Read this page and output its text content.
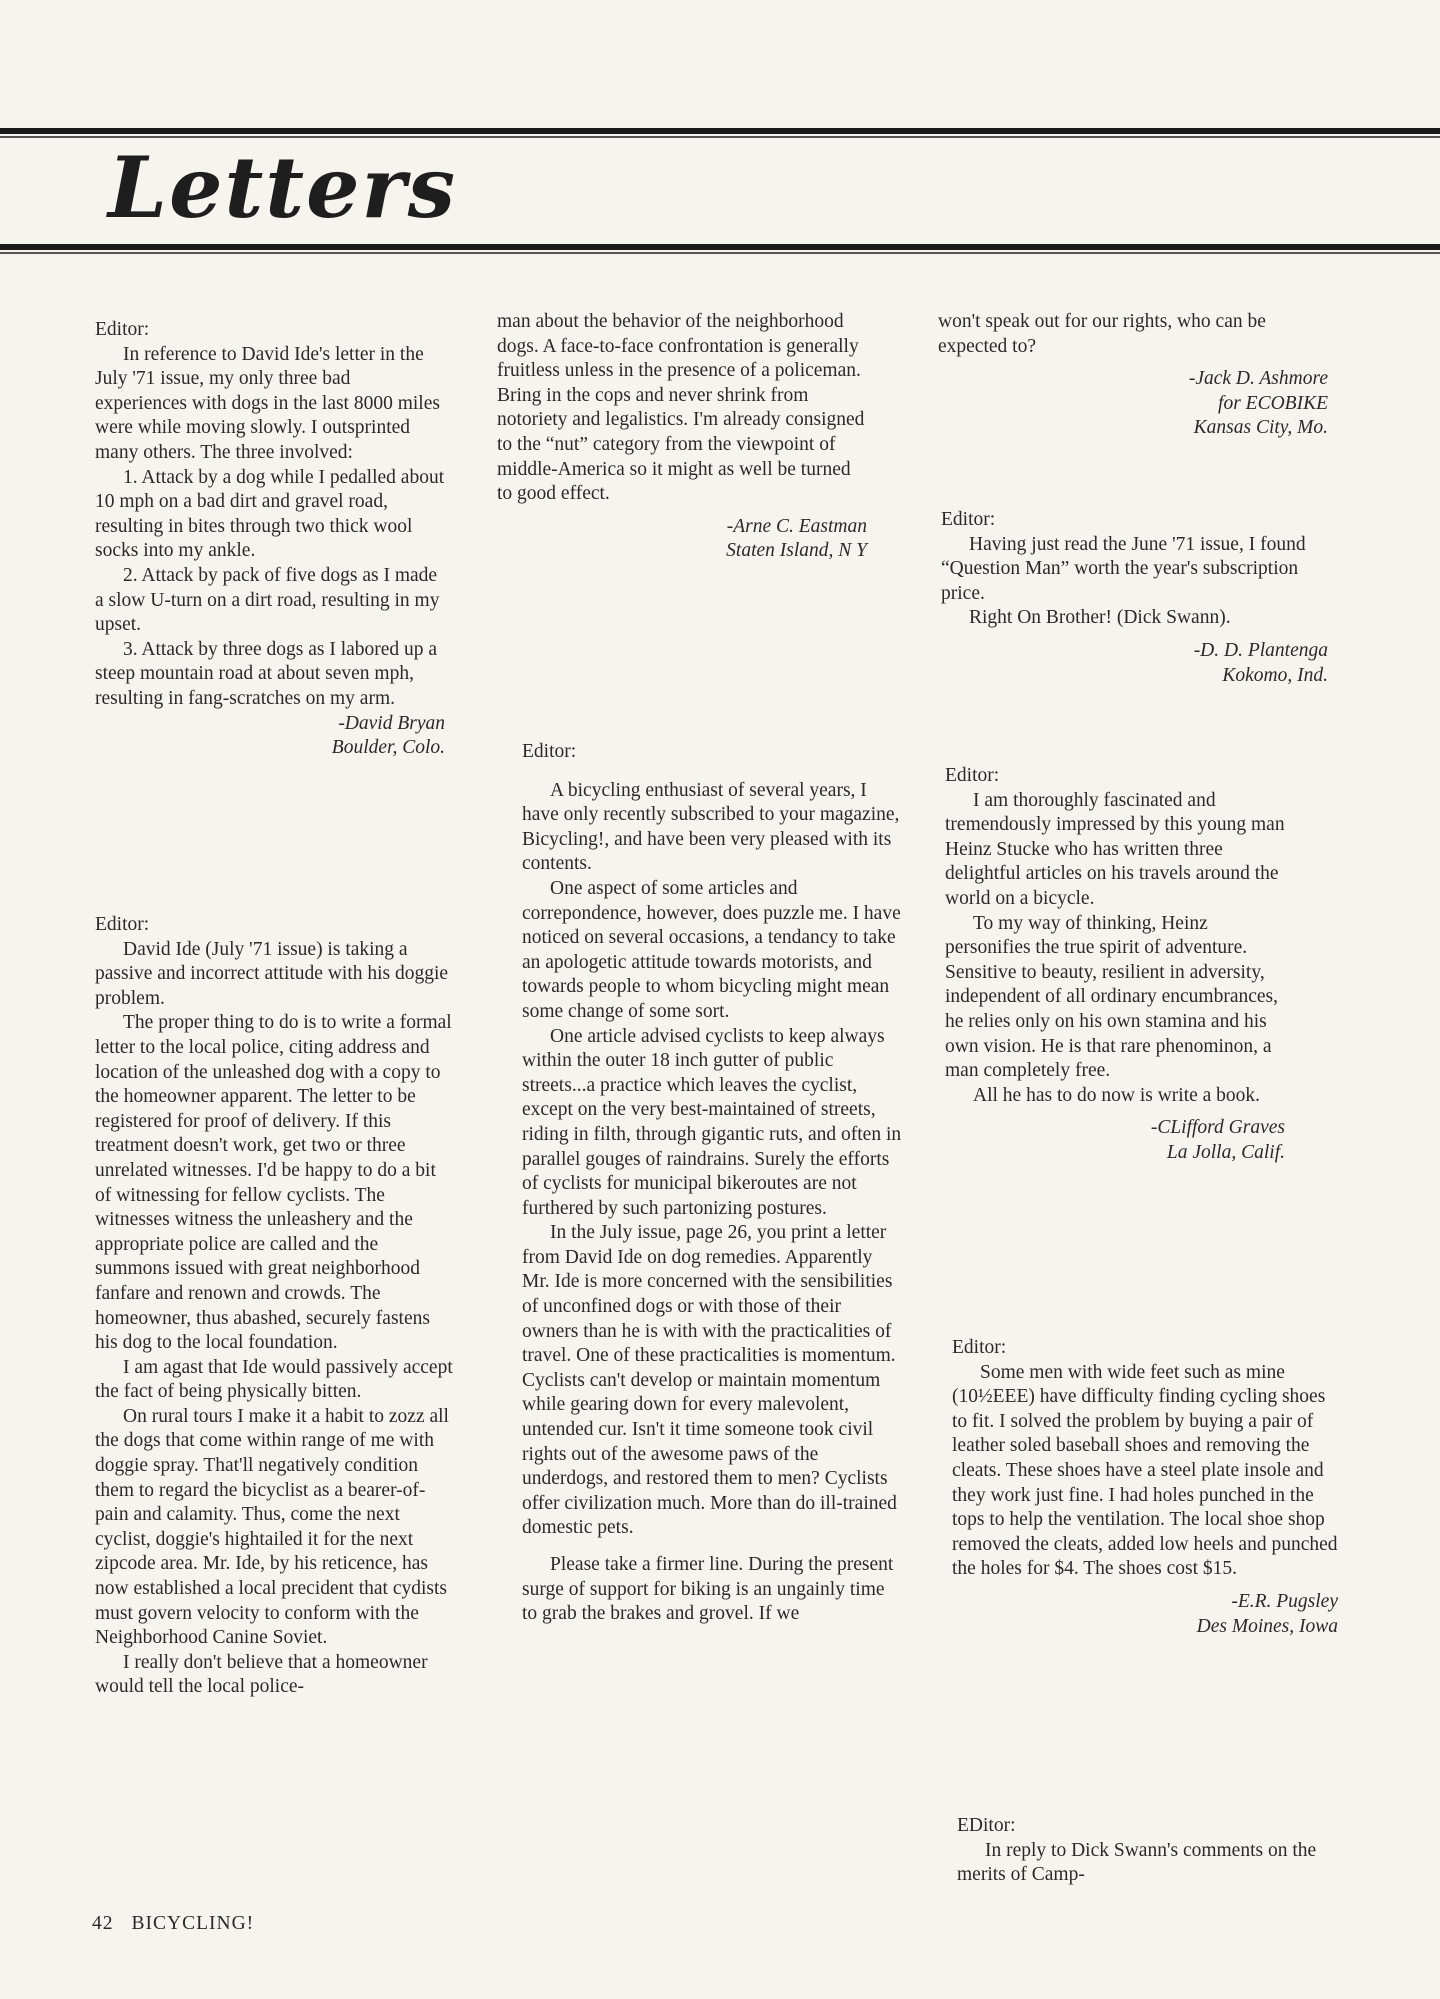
Letters

Editor:

In reference to David Ide's letter in the July '71 issue, my only three bad experiences with dogs in the last 8000 miles were while moving slowly. I outsprinted many others. The three involved:

1. Attack by a dog while I pedalled about 10 mph on a bad dirt and gravel road, resulting in bites through two thick wool socks into my ankle.

2. Attack by pack of five dogs as I made a slow U-turn on a dirt road, resulting in my upset.

3. Attack by three dogs as I labored up a steep mountain road at about seven mph, resulting in fang-scratches on my arm.

-David Bryan

Boulder, Colo.

Editor:

David Ide (July '71 issue) is taking a passive and incorrect attitude with his doggie problem.

The proper thing to do is to write a formal letter to the local police, citing address and location of the unleashed dog with a copy to the homeowner apparent. The letter to be registered for proof of delivery. If this treatment doesn't work, get two or three unrelated witnesses. I'd be happy to do a bit of witnessing for fellow cyclists. The witnesses witness the unleashery and the appropriate police are called and the summons issued with great neighborhood fanfare and renown and crowds. The homeowner, thus abashed, securely fastens his dog to the local foundation.

I am agast that Ide would passively accept the fact of being physically bitten.

On rural tours I make it a habit to zozz all the dogs that come within range of me with doggie spray. That'll negatively condition them to regard the bicyclist as a bearer-of-pain and calamity. Thus, come the next cyclist, doggie's hightailed it for the next zipcode area. Mr. Ide, by his reticence, has now established a local precident that cydists must govern velocity to conform with the Neighborhood Canine Soviet.

I really don't believe that a homeowner would tell the local police-

man about the behavior of the neighborhood dogs. A face-to-face confrontation is generally fruitless unless in the presence of a policeman. Bring in the cops and never shrink from notoriety and legalistics. I'm already consigned to the “nut” category from the viewpoint of middle-America so it might as well be turned to good effect.

-Arne C. Eastman

Staten Island, N Y

Editor:

A bicycling enthusiast of several years, I have only recently subscribed to your magazine, Bicycling!, and have been very pleased with its contents.

One aspect of some articles and correpondence, however, does puzzle me. I have noticed on several occasions, a tendancy to take an apologetic attitude towards motorists, and towards people to whom bicycling might mean some change of some sort.

One article advised cyclists to keep always within the outer 18 inch gutter of public streets...a practice which leaves the cyclist, except on the very best-maintained of streets, riding in filth, through gigantic ruts, and often in parallel gouges of raindrains. Surely the efforts of cyclists for municipal bikeroutes are not furthered by such partonizing postures.

In the July issue, page 26, you print a letter from David Ide on dog remedies. Apparently Mr. Ide is more concerned with the sensibilities of unconfined dogs or with those of their owners than he is with with the practicalities of travel. One of these practicalities is momentum. Cyclists can't develop or maintain momentum while gearing down for every malevolent, untended cur. Isn't it time someone took civil rights out of the awesome paws of the underdogs, and restored them to men? Cyclists offer civilization much. More than do ill-trained domestic pets.

Please take a firmer line. During the present surge of support for biking is an ungainly time to grab the brakes and grovel. If we

won't speak out for our rights, who can be expected to?

-Jack D. Ashmore

for ECOBIKE

Kansas City, Mo.

Editor:

Having just read the June '71 issue, I found “Question Man” worth the year's subscription price.

Right On Brother! (Dick Swann).

-D. D. Plantenga

Kokomo, Ind.

Editor:

I am thoroughly fascinated and tremendously impressed by this young man Heinz Stucke who has written three delightful articles on his travels around the world on a bicycle.

To my way of thinking, Heinz personifies the true spirit of adventure. Sensitive to beauty, resilient in adversity, independent of all ordinary encumbrances, he relies only on his own stamina and his own vision. He is that rare phenominon, a man completely free.

All he has to do now is write a book.

-CLifford Graves

La Jolla, Calif.

Editor:

Some men with wide feet such as mine (10½EEE) have difficulty finding cycling shoes to fit. I solved the problem by buying a pair of leather soled baseball shoes and removing the cleats. These shoes have a steel plate insole and they work just fine. I had holes punched in the tops to help the ventilation. The local shoe shop removed the cleats, added low heels and punched the holes for $4. The shoes cost $15.

-E.R. Pugsley

Des Moines, Iowa

EDitor:

In reply to Dick Swann's comments on the merits of Camp-

42 BICYCLING!
